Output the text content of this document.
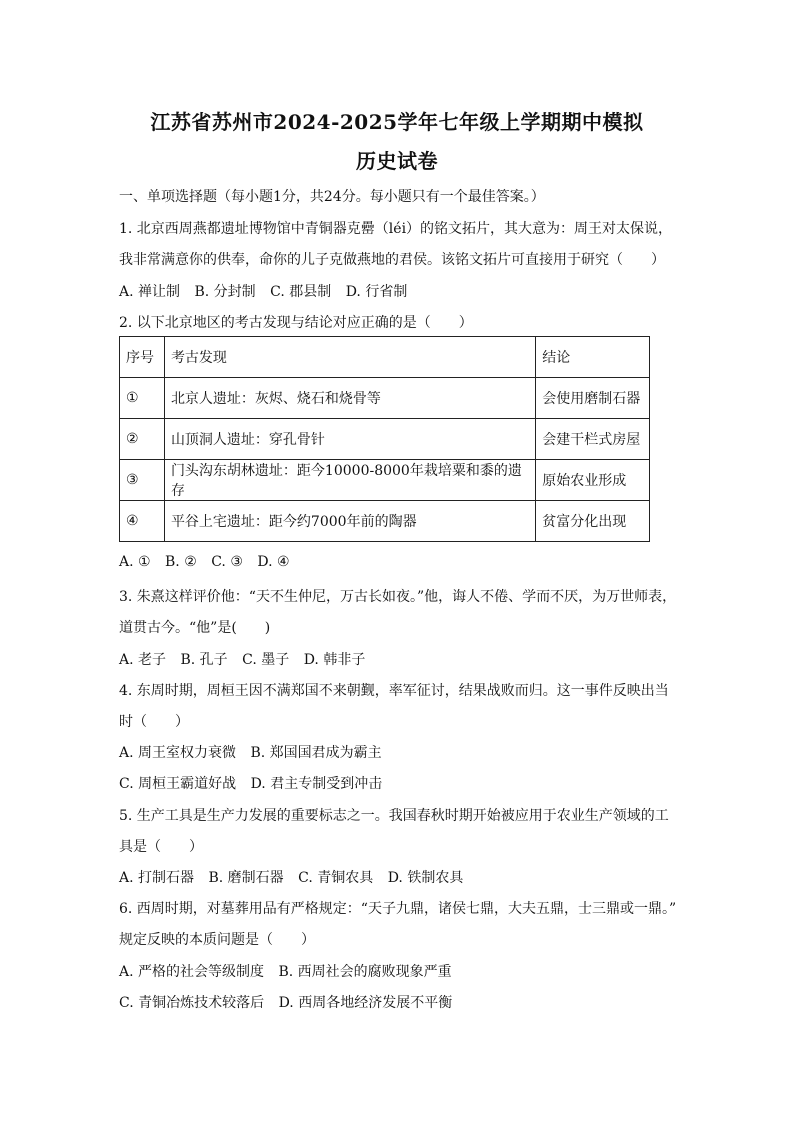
江苏省苏州市2024-2025学年七年级上学期期中模拟
历史试卷
一、单项选择题（每小题1分，共24分。每小题只有一个最佳答案。）
1. 北京西周燕都遗址博物馆中青铜器克罍（léi）的铭文拓片，其大意为：周王对太保说，
我非常满意你的供奉，命你的儿子克做燕地的君侯。该铭文拓片可直接用于研究（　　）
A. 禅让制 B. 分封制 C. 郡县制 D. 行省制
2. 以下北京地区的考古发现与结论对应正确的是（　　）
序号	考古发现	结论
①	北京人遗址：灰烬、烧石和烧骨等	会使用磨制石器
②	山顶洞人遗址：穿孔骨针	会建干栏式房屋
③	门头沟东胡林遗址：距今10000-8000年栽培粟和黍的遗存	原始农业形成
④	平谷上宅遗址：距今约7000年前的陶器	贫富分化出现
A. ① B. ② C. ③ D. ④
3. 朱熹这样评价他：“天不生仲尼，万古长如夜。”他，诲人不倦、学而不厌，为万世师表，
道贯古今。“他”是(　　)
A. 老子 B. 孔子 C. 墨子 D. 韩非子
4. 东周时期，周桓王因不满郑国不来朝觐，率军征讨，结果战败而归。这一事件反映出当
时（　　）
A. 周王室权力衰微 B. 郑国国君成为霸主
C. 周桓王霸道好战 D. 君主专制受到冲击
5. 生产工具是生产力发展的重要标志之一。我国春秋时期开始被应用于农业生产领域的工
具是（　　）
A. 打制石器 B. 磨制石器 C. 青铜农具 D. 铁制农具
6. 西周时期，对墓葬用品有严格规定：“天子九鼎，诸侯七鼎，大夫五鼎，士三鼎或一鼎。”
规定反映的本质问题是（　　）
A. 严格的社会等级制度 B. 西周社会的腐败现象严重
C. 青铜冶炼技术较落后 D. 西周各地经济发展不平衡
